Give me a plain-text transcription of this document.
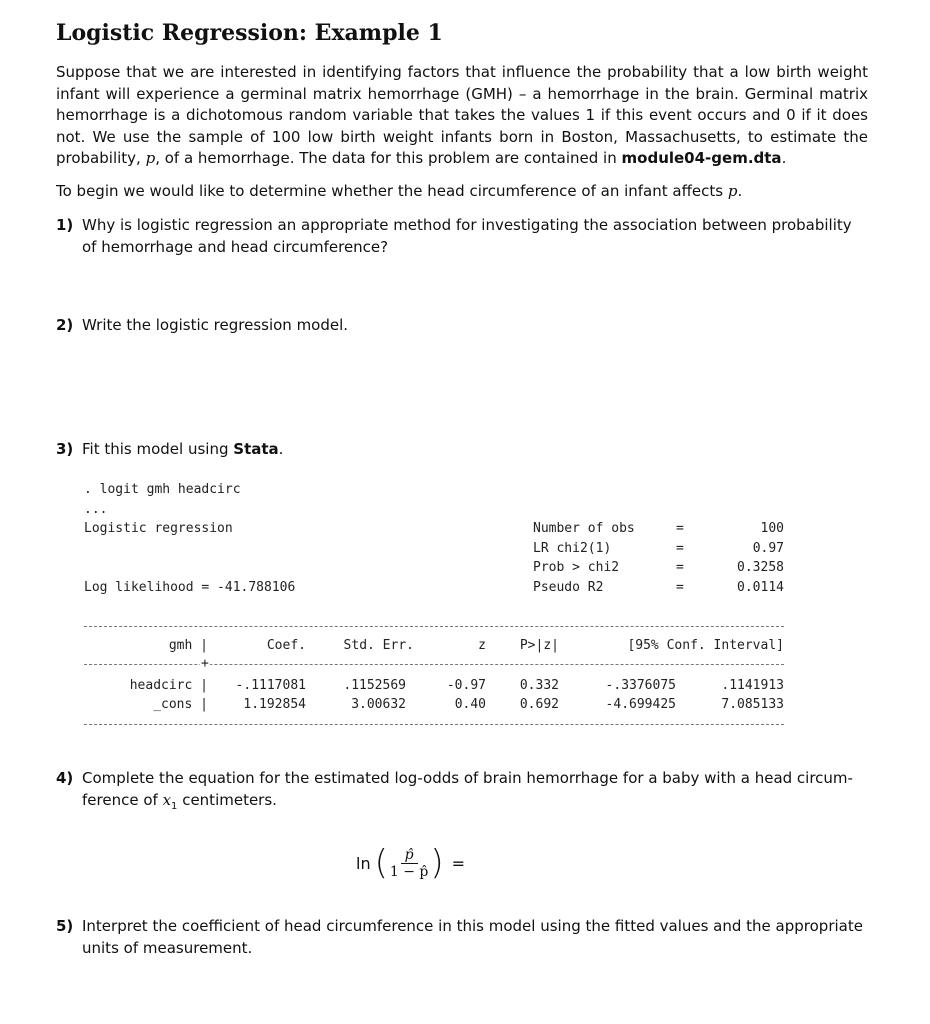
Logistic Regression: Example 1
Suppose that we are interested in identifying factors that influence the probability that a low birth weight infant will experience a germinal matrix hemorrhage (GMH) – a hemorrhage in the brain. Germinal matrix hemorrhage is a dichotomous random variable that takes the values 1 if this event occurs and 0 if it does not. We use the sample of 100 low birth weight infants born in Boston, Massachusetts, to estimate the probability, p, of a hemorrhage. The data for this problem are contained in module04-gem.dta.
To begin we would like to determine whether the head circumference of an infant affects p.
1) Why is logistic regression an appropriate method for investigating the association between probability of hemorrhage and head circumference?
2) Write the logistic regression model.
3) Fit this model using Stata.
. logit gmh headcirc
...
Logistic regression	Number of obs	=	100
LR chi2(1)	=	0.97
Prob > chi2	=	0.3258
Log likelihood = -41.788106	Pseudo R2	=	0.0114
gmh |	Coef.	Std. Err.	z	P>|z|	[95% Conf. Interval]
+
headcirc |	-.1117081	.1152569	-0.97	0.332	-.3376075	.1141913
_cons |	1.192854	3.00632	0.40	0.692	-4.699425	7.085133
4) Complete the equation for the estimated log-odds of brain hemorrhage for a baby with a head circum- ference of $x_1$ centimeters.
ln ( $\frac{p̂}{1 - p̂}$ ) =
5) Interpret the coefficient of head circumference in this model using the fitted values and the appropriate units of measurement.
